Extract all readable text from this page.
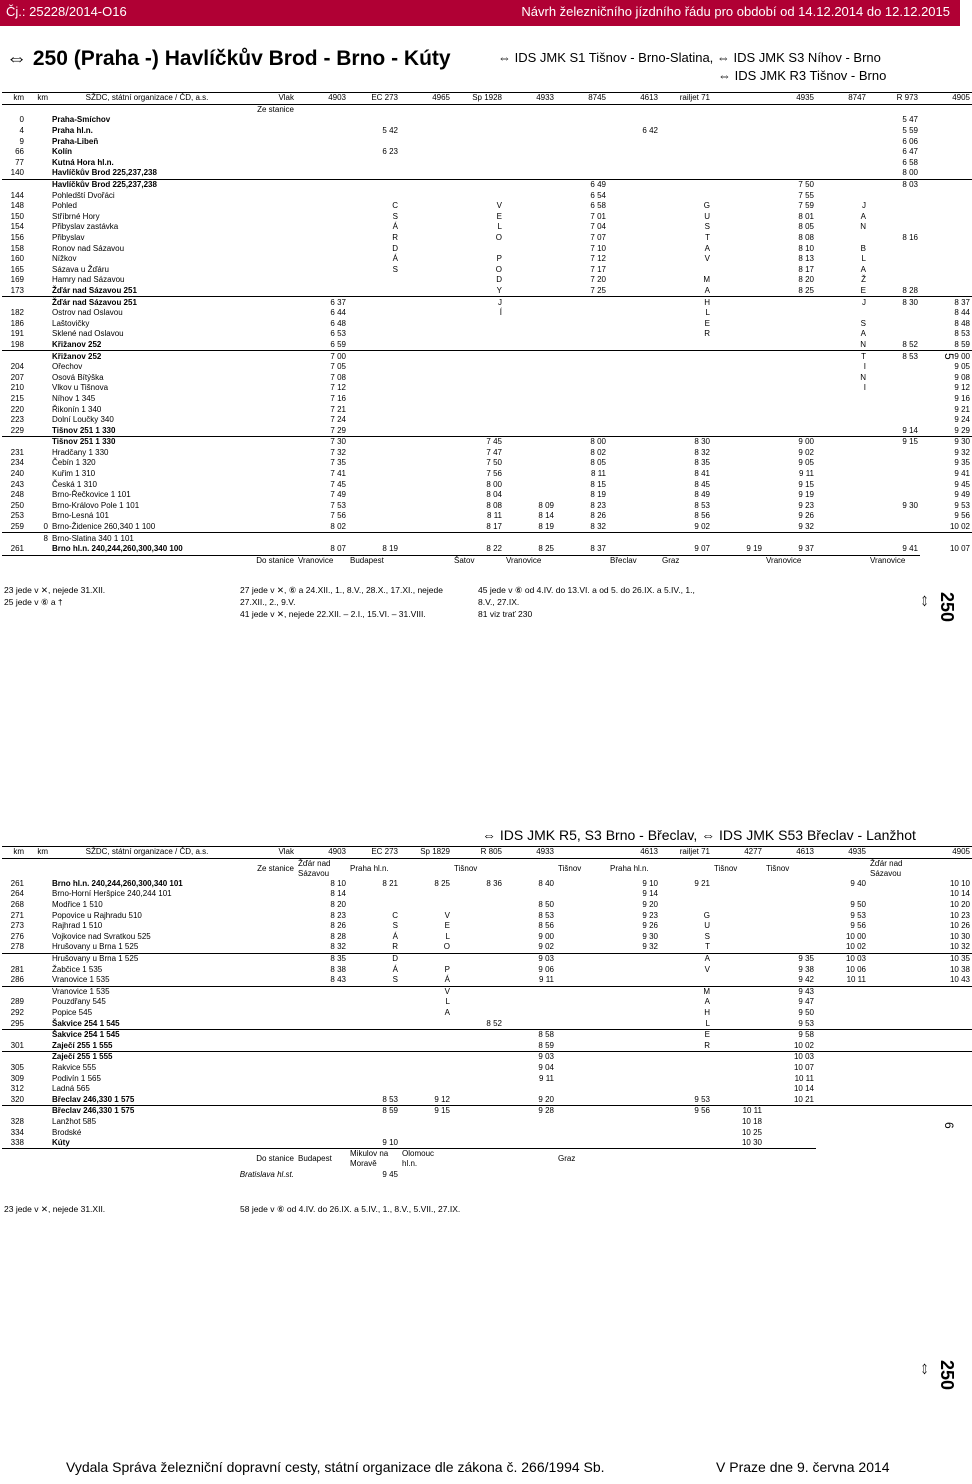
Čj.: 25228/2014-O16	Návrh železničního jízdního řádu pro období od 14.12.2014 do 12.12.2015
⇔ 250 (Praha -) Havlíčkův Brod - Brno - Kúty	⇔ IDS JMK S1 Tišnov - Brno-Slatina, ⇔ IDS JMK S3 Níhov - Brno
⇔ IDS JMK R3 Tišnov - Brno
km	km	SŽDC, státní organizace / ČD, a.s.	Vlak	4903	EC 273	4965	Sp 1928	4933	8745	4613	railjet 71		4935	8747	R 973	4905
Ze stanice																
0		Praha-Smíchov													5 47	
4		Praha hl.n.			5 42					6 42					5 59	
9		Praha-Libeň													6 06	
66		Kolín			6 23										6 47	
77		Kutná Hora hl.n.													6 58	
140		Havlíčkův Brod 225,237,238													8 00	
		Havlíčkův Brod 225,237,238							6 49				7 50		8 03	
144		Pohledští Dvořáci							6 54				7 55			
148		Pohled			C		V		6 58		G		7 59	J		
150		Stříbrné Hory			S		E		7 01		U		8 01	A		
154		Přibyslav zastávka			Á		L		7 04		S		8 05	N		
156		Přibyslav			R		O		7 07		T		8 08		8 16	
158		Ronov nad Sázavou			D				7 10		A		8 10	B		
160		Nížkov			Á		P		7 12		V		8 13	L		
165		Sázava u Žďáru			S		O		7 17				8 17	A		
169		Hamry nad Sázavou					D		7 20		M		8 20	Ž		
173		Žďár nad Sázavou 251					Y		7 25		A		8 25	E	8 28	
		Žďár nad Sázavou 251		6 37			J				H			J	8 30	8 37
182		Ostrov nad Oslavou		6 44			Í				L					8 44
186		Laštovičky		6 48							E			S		8 48
191		Sklené nad Oslavou		6 53							R			A		8 53
198		Křižanov 252		6 59										N	8 52	8 59
		Křižanov 252		7 00										T	8 53	9 00
204		Ořechov		7 05										I		9 05
207		Osová Bítýška		7 08										N		9 08
210		Vlkov u Tišnova		7 12										I		9 12
215		Níhov 1 345		7 16												9 16
220		Řikonín 1 340		7 21												9 21
223		Dolní Loučky 340		7 24												9 24
229		Tišnov 251 1 330		7 29											9 14	9 29
		Tišnov 251 1 330		7 30			7 45		8 00		8 30		9 00		9 15	9 30
231		Hradčany 1 330		7 32			7 47		8 02		8 32		9 02			9 32
234		Čebín 1 320		7 35			7 50		8 05		8 35		9 05			9 35
240		Kuřim 1 310		7 41			7 56		8 11		8 41		9 11			9 41
243		Česká 1 310		7 45			8 00		8 15		8 45		9 15			9 45
248		Brno-Řečkovice 1 101		7 49			8 04		8 19		8 49		9 19			9 49
250		Brno-Královo Pole 1 101		7 53			8 08	8 09	8 23		8 53		9 23		9 30	9 53
253		Brno-Lesná 101		7 56			8 11	8 14	8 26		8 56		9 26			9 56
259	0	Brno-Židenice 260,340 1 100		8 02			8 17	8 19	8 32		9 02		9 32			10 02
	8	Brno-Slatina 340 1 101														
261		Brno hl.n. 240,244,260,300,340 100		8 07	8 19		8 22	8 25	8 37		9 07	9 19	9 37		9 41	10 07
Do stanice				Vranovice	Budapest		Šatov	Vranovice		Břeclav	Graz		Vranovice		Vranovice	
23 jede v ✕, nejede 31.XII.
25 jede v ⑥ a †
27 jede v ✕, ⑥ a 24.XII., 1., 8.V., 28.X., 17.XI., nejede 27.XII., 2., 9.V.
41 jede v ✕, nejede 22.XII. – 2.I., 15.VI. – 31.VIII.
45 jede v ⑥ od 4.IV. do 13.VI. a od 5. do 26.IX. a 5.IV., 1., 8.V., 27.IX.
81 viz trať 230
⇔ IDS JMK R5, S3 Brno - Břeclav, ⇔ IDS JMK S53 Břeclav - Lanžhot
km	km	SŽDC, státní organizace / ČD, a.s.	Vlak	4903	EC 273	Sp 1829	R 805	4933		4613	railjet 71	4277	4613	4935		4905
Ze stanice				Žďár nad Sázavou	Praha hl.n.		Tišnov		Tišnov	Praha hl.n.		Tišnov	Tišnov		Žďár nad Sázavou	
261		Brno hl.n. 240,244,260,300,340 101		8 10	8 21	8 25	8 36	8 40		9 10	9 21			9 40		10 10
264		Brno-Horní Heršpice 240,244 101		8 14						9 14						10 14
268		Modřice 1 510		8 20				8 50		9 20				9 50		10 20
271		Popovice u Rajhradu 510		8 23	C	V		8 53		9 23	G			9 53		10 23
273		Rajhrad 1 510		8 26	S	E		8 56		9 26	U			9 56		10 26
276		Vojkovice nad Svratkou 525		8 28	Á	L		9 00		9 30	S			10 00		10 30
278		Hrušovany u Brna 1 525		8 32	R	O		9 02		9 32	T			10 02		10 32
		Hrušovany u Brna 1 525		8 35	D			9 03			A		9 35	10 03		10 35
281		Žabčice 1 535		8 38	Á	P		9 06			V		9 38	10 06		10 38
286		Vranovice 1 535		8 43	S	Á		9 11					9 42	10 11		10 43
		Vranovice 1 535				V					M		9 43			
289		Pouzdřany 545				L					A		9 47			
292		Popice 545				A					H		9 50			
295		Šakvice 254 1 545					8 52				L		9 53			
		Šakvice 254 1 545						8 58			E		9 58			
301		Zaječí 255 1 555						8 59			R		10 02			
		Zaječí 255 1 555						9 03					10 03			
305		Rakvice 555						9 04					10 07			
309		Podivín 1 565						9 11					10 11			
312		Ladná 565											10 14			
320		Břeclav 246,330 1 575			8 53	9 12		9 20			9 53		10 21			
		Břeclav 246,330 1 575			8 59	9 15		9 28			9 56	10 11				
328		Lanžhot 585										10 18				
334		Brodské										10 25				
338		Kúty			9 10							10 30				
Do stanice				Budapest	Mikulov na Moravě	Olomouc hl.n.			Graz							
Bratislava hl.st.					9 45											
23 jede v ✕, nejede 31.XII.	58 jede v ⑥ od 4.IV. do 26.IX. a 5.IV., 1., 8.V., 5.VII., 27.IX.
250 ⇔
250 ⇔
5
6
Vydala Správa železniční dopravní cesty, státní organizace dle zákona č. 266/1994 Sb.	V Praze dne 9. června 2014
